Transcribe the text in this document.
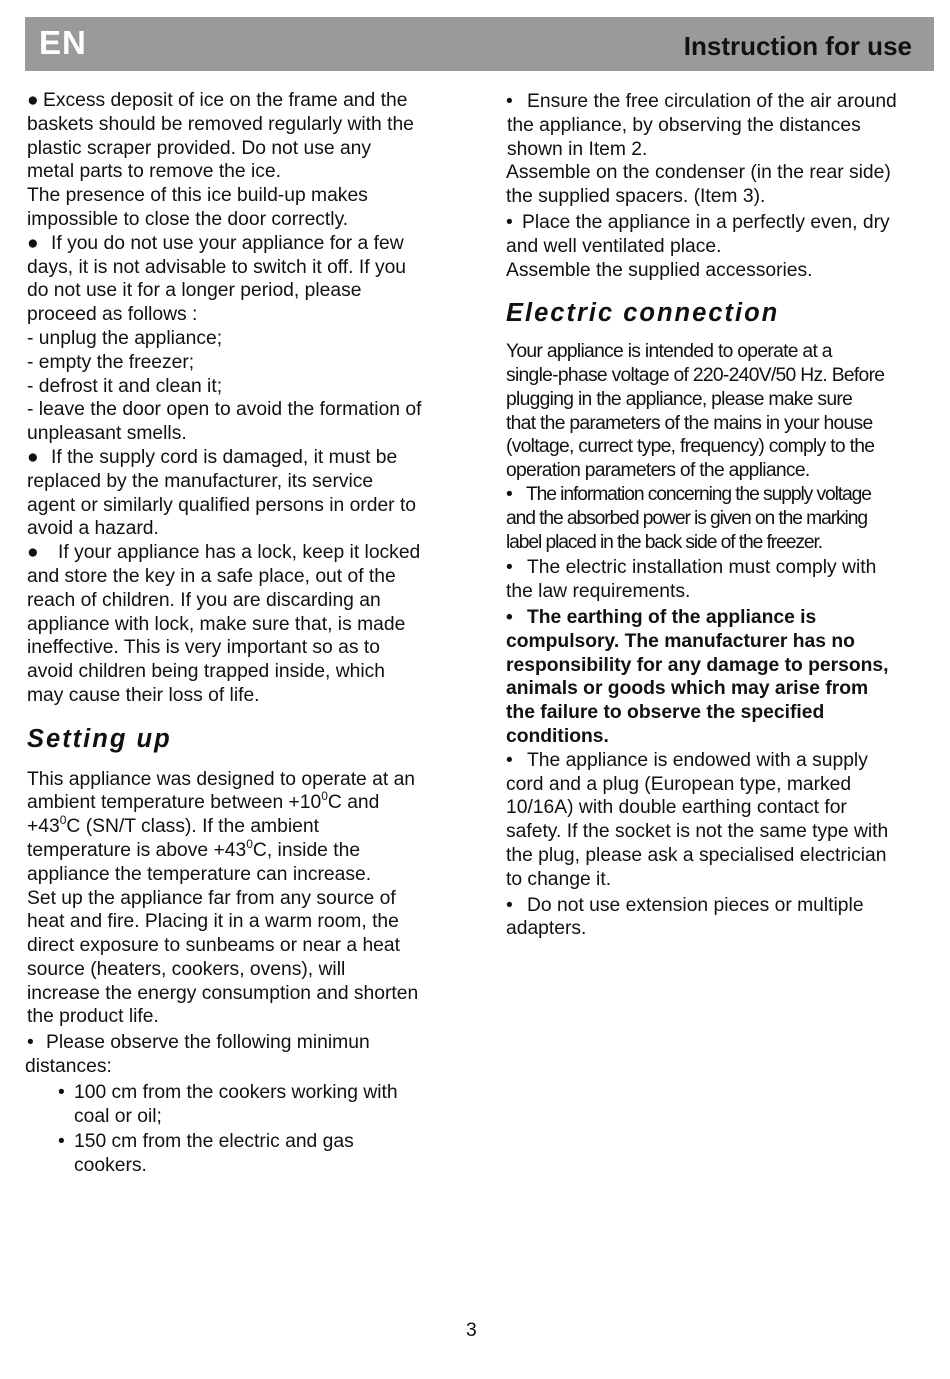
EN	Instruction for use

● Excess deposit of ice on the frame and the

baskets should be removed regularly with the

plastic scraper provided. Do not use any

metal parts to remove the ice.

The presence of this ice build-up makes

impossible to close the door correctly.

● If you do not use your appliance for a few

days, it is not advisable to switch it off. If you

do not use it for a longer period, please

proceed as follows :

- unplug the appliance;

- empty the freezer;

- defrost it and clean it;

- leave the door open to avoid the formation of

unpleasant smells.

● If the supply cord is damaged, it must be

replaced by the manufacturer, its service

agent or similarly qualified persons in order to

avoid a hazard.

● If your appliance has a lock, keep it locked

and store the key in a safe place, out of the

reach of children. If you are discarding an

appliance with lock, make sure that, is made

ineffective. This is very important so as to

avoid children being trapped inside, which

may cause their loss of life.

Setting up

This appliance was designed to operate at an

ambient temperature between $+10^0C$ and

$+43^0C$ (SN/T class). If the ambient

temperature is above $+43^0C$, inside the

appliance the temperature can increase.

Set up the appliance far from any source of

heat and fire. Placing it in a warm room, the

direct exposure to sunbeams or near a heat

source (heaters, cookers, ovens), will

increase the energy consumption and shorten

the product life.

• Please observe the following minimun

distances:

• 100 cm from the cookers working with

coal or oil;

• 150 cm from the electric and gas

cookers.

• Ensure the free circulation of the air around

the appliance, by observing the distances

shown in Item 2.

Assemble on the condenser (in the rear side)

the supplied spacers. (Item 3).

• Place the appliance in a perfectly even, dry

and well ventilated place.

Assemble the supplied accessories.

Electric connection

Your appliance is intended to operate at a

single-phase voltage of 220-240V/50 Hz. Before

plugging in the appliance, please make sure

that the parameters of the mains in your house

(voltage, currect type, frequency) comply to the

operation parameters of the appliance.

• The information concerning the supply voltage

and the absorbed power is given on the marking

label placed in the back side of the freezer.

• The electric installation must comply with

the law requirements.

• The earthing of the appliance is

compulsory. The manufacturer has no

responsibility for any damage to persons,

animals or goods which may arise from

the failure to observe the specified

conditions.

• The appliance is endowed with a supply

cord and a plug (European type, marked

10/16A) with double earthing contact for

safety. If the socket is not the same type with

the plug, please ask a specialised electrician

to change it.

• Do not use extension pieces or multiple

adapters.

3
